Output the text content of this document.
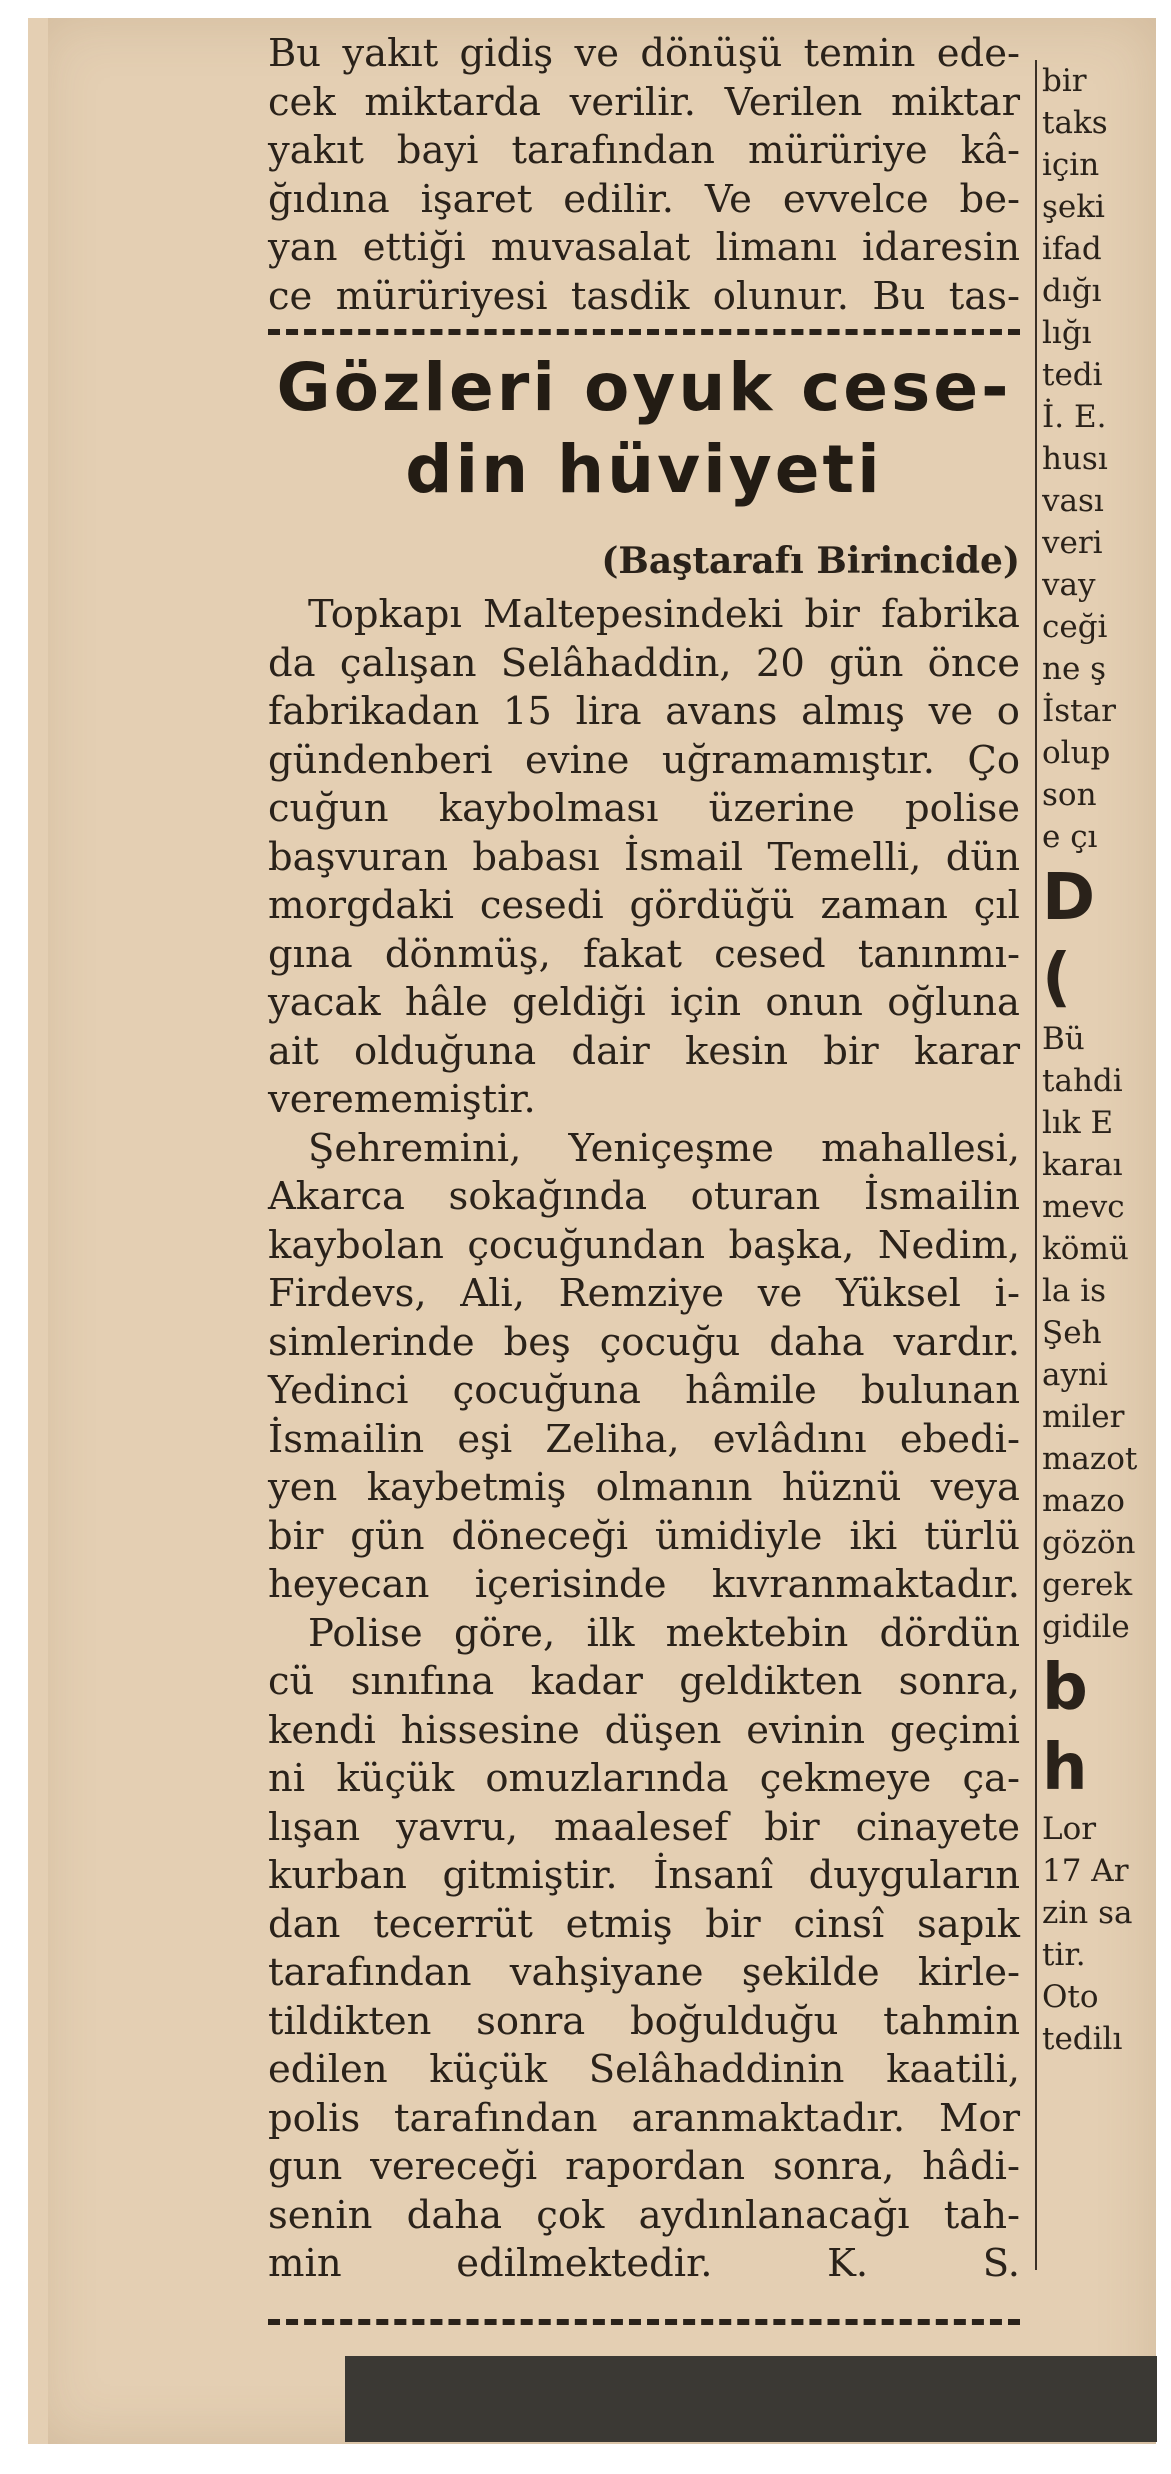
Bu yakıt gidiş ve dönüşü temin ede-

cek miktarda verilir. Verilen miktar

yakıt bayi tarafından mürüriye kâ-

ğıdına işaret edilir. Ve evvelce be-

yan ettiği muvasalat limanı idaresin

ce mürüriyesi tasdik olunur. Bu tas-

Gözleri oyuk cese-
din hüviyeti
(Baştarafı Birincide)

Topkapı Maltepesindeki bir fabrika

da çalışan Selâhaddin, 20 gün önce

fabrikadan 15 lira avans almış ve o

gündenberi evine uğramamıştır. Ço

cuğun kaybolması üzerine polise

başvuran babası İsmail Temelli, dün

morgdaki cesedi gördüğü zaman çıl

gına dönmüş, fakat cesed tanınmı-

yacak hâle geldiği için onun oğluna

ait olduğuna dair kesin bir karar

verememiştir.

Şehremini, Yeniçeşme mahallesi,

Akarca sokağında oturan İsmailin

kaybolan çocuğundan başka, Nedim,

Firdevs, Ali, Remziye ve Yüksel i-

simlerinde beş çocuğu daha vardır.

Yedinci çocuğuna hâmile bulunan

İsmailin eşi Zeliha, evlâdını ebedi-

yen kaybetmiş olmanın hüznü veya

bir gün döneceği ümidiyle iki türlü

heyecan içerisinde kıvranmaktadır.

Polise göre, ilk mektebin dördün

cü sınıfına kadar geldikten sonra,

kendi hissesine düşen evinin geçimi

ni küçük omuzlarında çekmeye ça-

lışan yavru, maalesef bir cinayete

kurban gitmiştir. İnsanî duyguların

dan tecerrüt etmiş bir cinsî sapık

tarafından vahşiyane şekilde kirle-

tildikten sonra boğulduğu tahmin

edilen küçük Selâhaddinin kaatili,

polis tarafından aranmaktadır. Mor

gun vereceği rapordan sonra, hâdi-

senin daha çok aydınlanacağı tah-

min edilmektedir.	K. S.

bir
taks
için
şeki
ifad
dığı
lığı
tedi
İ. E.
husı
vası
veri
vay
ceği
ne ş
İstar
olup
son
e çı
D
(
Bü
tahdi
lık E
karaı
mevc
kömü
la is
Şeh
ayni
miler
mazot
mazo
gözön
gerek
gidile
b
h
Lor
17 Ar
zin sa
tir.
Oto
tedilı
